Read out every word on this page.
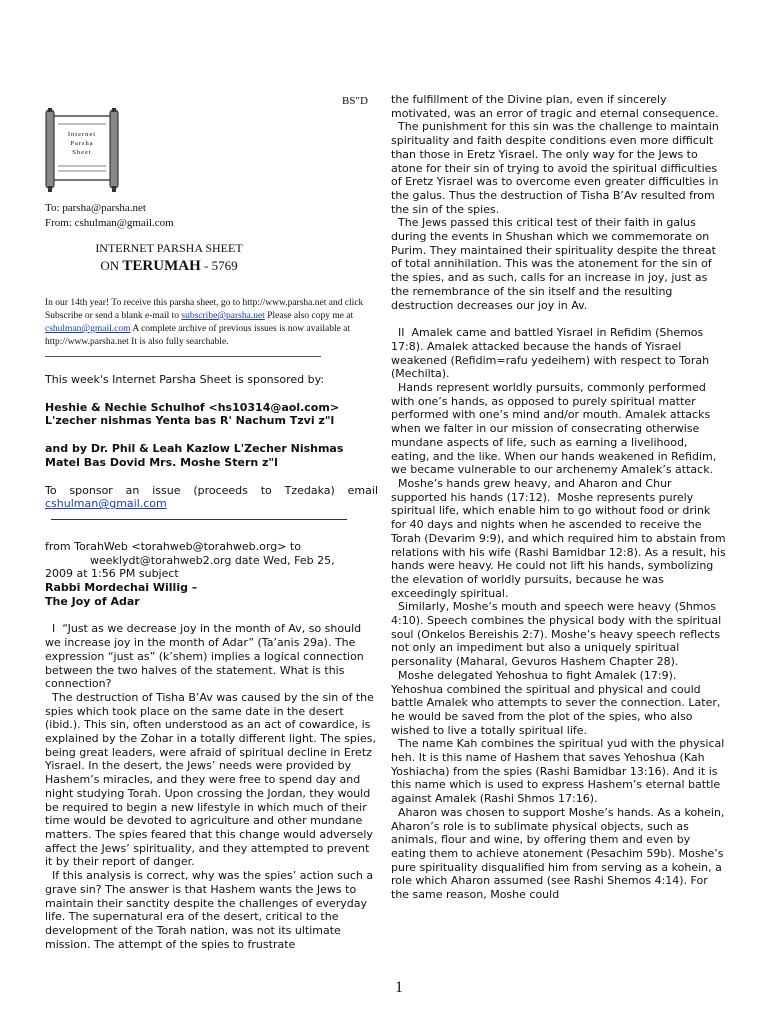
BS"D
Internet
Parsha
Sheet
To: parsha@parsha.net
From: cshulman@gmail.com
INTERNET PARSHA SHEET
ON TERUMAH - 5769
In our 14th year! To receive this parsha sheet, go to http://www.parsha.net and click Subscribe or send a blank e-mail to subscribe@parsha.net Please also copy me at cshulman@gmail.com A complete archive of previous issues is now available at http://www.parsha.net It is also fully searchable.

This week's Internet Parsha Sheet is sponsored by:

Heshie & Nechie Schulhof <hs10314@aol.com> L'zecher nishmas Yenta bas R' Nachum Tzvi z"l

and by Dr. Phil & Leah Kazlow L'Zecher Nishmas Matel Bas Dovid Mrs. Moshe Stern z"l

To sponsor an issue (proceeds to Tzedaka) email

cshulman@gmail.com

from TorahWeb <torahweb@torahweb.org> to

weeklydt@torahweb2.org date Wed, Feb 25,

2009 at 1:56 PM subject

Rabbi Mordechai Willig –

The Joy of Adar

I  “Just as we decrease joy in the month of Av, so should we increase joy in the month of Adar” (Ta’anis 29a). The expression “just as” (k’shem) implies a logical connection between the two halves of the statement. What is this connection?

The destruction of Tisha B’Av was caused by the sin of the spies which took place on the same date in the desert (ibid.). This sin, often understood as an act of cowardice, is explained by the Zohar in a totally different light. The spies, being great leaders, were afraid of spiritual decline in Eretz Yisrael. In the desert, the Jews’ needs were provided by Hashem’s miracles, and they were free to spend day and night studying Torah. Upon crossing the Jordan, they would be required to begin a new lifestyle in which much of their time would be devoted to agriculture and other mundane matters. The spies feared that this change would adversely affect the Jews’ spirituality, and they attempted to prevent it by their report of danger.

If this analysis is correct, why was the spies’ action such a grave sin? The answer is that Hashem wants the Jews to maintain their sanctity despite the challenges of everyday life. The supernatural era of the desert, critical to the development of the Torah nation, was not its ultimate mission. The attempt of the spies to frustrate

the fulfillment of the Divine plan, even if sincerely motivated, was an error of tragic and eternal consequence.

The punishment for this sin was the challenge to maintain spirituality and faith despite conditions even more difficult than those in Eretz Yisrael. The only way for the Jews to atone for their sin of trying to avoid the spiritual difficulties of Eretz Yisrael was to overcome even greater difficulties in the galus. Thus the destruction of Tisha B’Av resulted from the sin of the spies.

The Jews passed this critical test of their faith in galus during the events in Shushan which we commemorate on Purim. They maintained their spirituality despite the threat of total annihilation. This was the atonement for the sin of the spies, and as such, calls for an increase in joy, just as the remembrance of the sin itself and the resulting destruction decreases our joy in Av.

II  Amalek came and battled Yisrael in Refidim (Shemos 17:8). Amalek attacked because the hands of Yisrael weakened (Refidim=rafu yedeihem) with respect to Torah (Mechilta).

Hands represent worldly pursuits, commonly performed with one’s hands, as opposed to purely spiritual matter performed with one’s mind and/or mouth. Amalek attacks when we falter in our mission of consecrating otherwise mundane aspects of life, such as earning a livelihood, eating, and the like. When our hands weakened in Refidim, we became vulnerable to our archenemy Amalek’s attack.

Moshe’s hands grew heavy, and Aharon and Chur supported his hands (17:12).  Moshe represents purely spiritual life, which enable him to go without food or drink for 40 days and nights when he ascended to receive the Torah (Devarim 9:9), and which required him to abstain from relations with his wife (Rashi Bamidbar 12:8). As a result, his hands were heavy. He could not lift his hands, symbolizing the elevation of worldly pursuits, because he was exceedingly spiritual.

Similarly, Moshe’s mouth and speech were heavy (Shmos 4:10). Speech combines the physical body with the spiritual soul (Onkelos Bereishis 2:7). Moshe’s heavy speech reflects not only an impediment but also a uniquely spiritual personality (Maharal, Gevuros Hashem Chapter 28).

Moshe delegated Yehoshua to fight Amalek (17:9). Yehoshua combined the spiritual and physical and could battle Amalek who attempts to sever the connection. Later, he would be saved from the plot of the spies, who also wished to live a totally spiritual life.

The name Kah combines the spiritual yud with the physical heh. It is this name of Hashem that saves Yehoshua (Kah Yoshiacha) from the spies (Rashi Bamidbar 13:16). And it is this name which is used to express Hashem’s eternal battle against Amalek (Rashi Shmos 17:16).

Aharon was chosen to support Moshe’s hands. As a kohein, Aharon’s role is to sublimate physical objects, such as animals, flour and wine, by offering them and even by eating them to achieve atonement (Pesachim 59b). Moshe’s pure spirituality disqualified him from serving as a kohein, a role which Aharon assumed (see Rashi Shemos 4:14). For the same reason, Moshe could

1
